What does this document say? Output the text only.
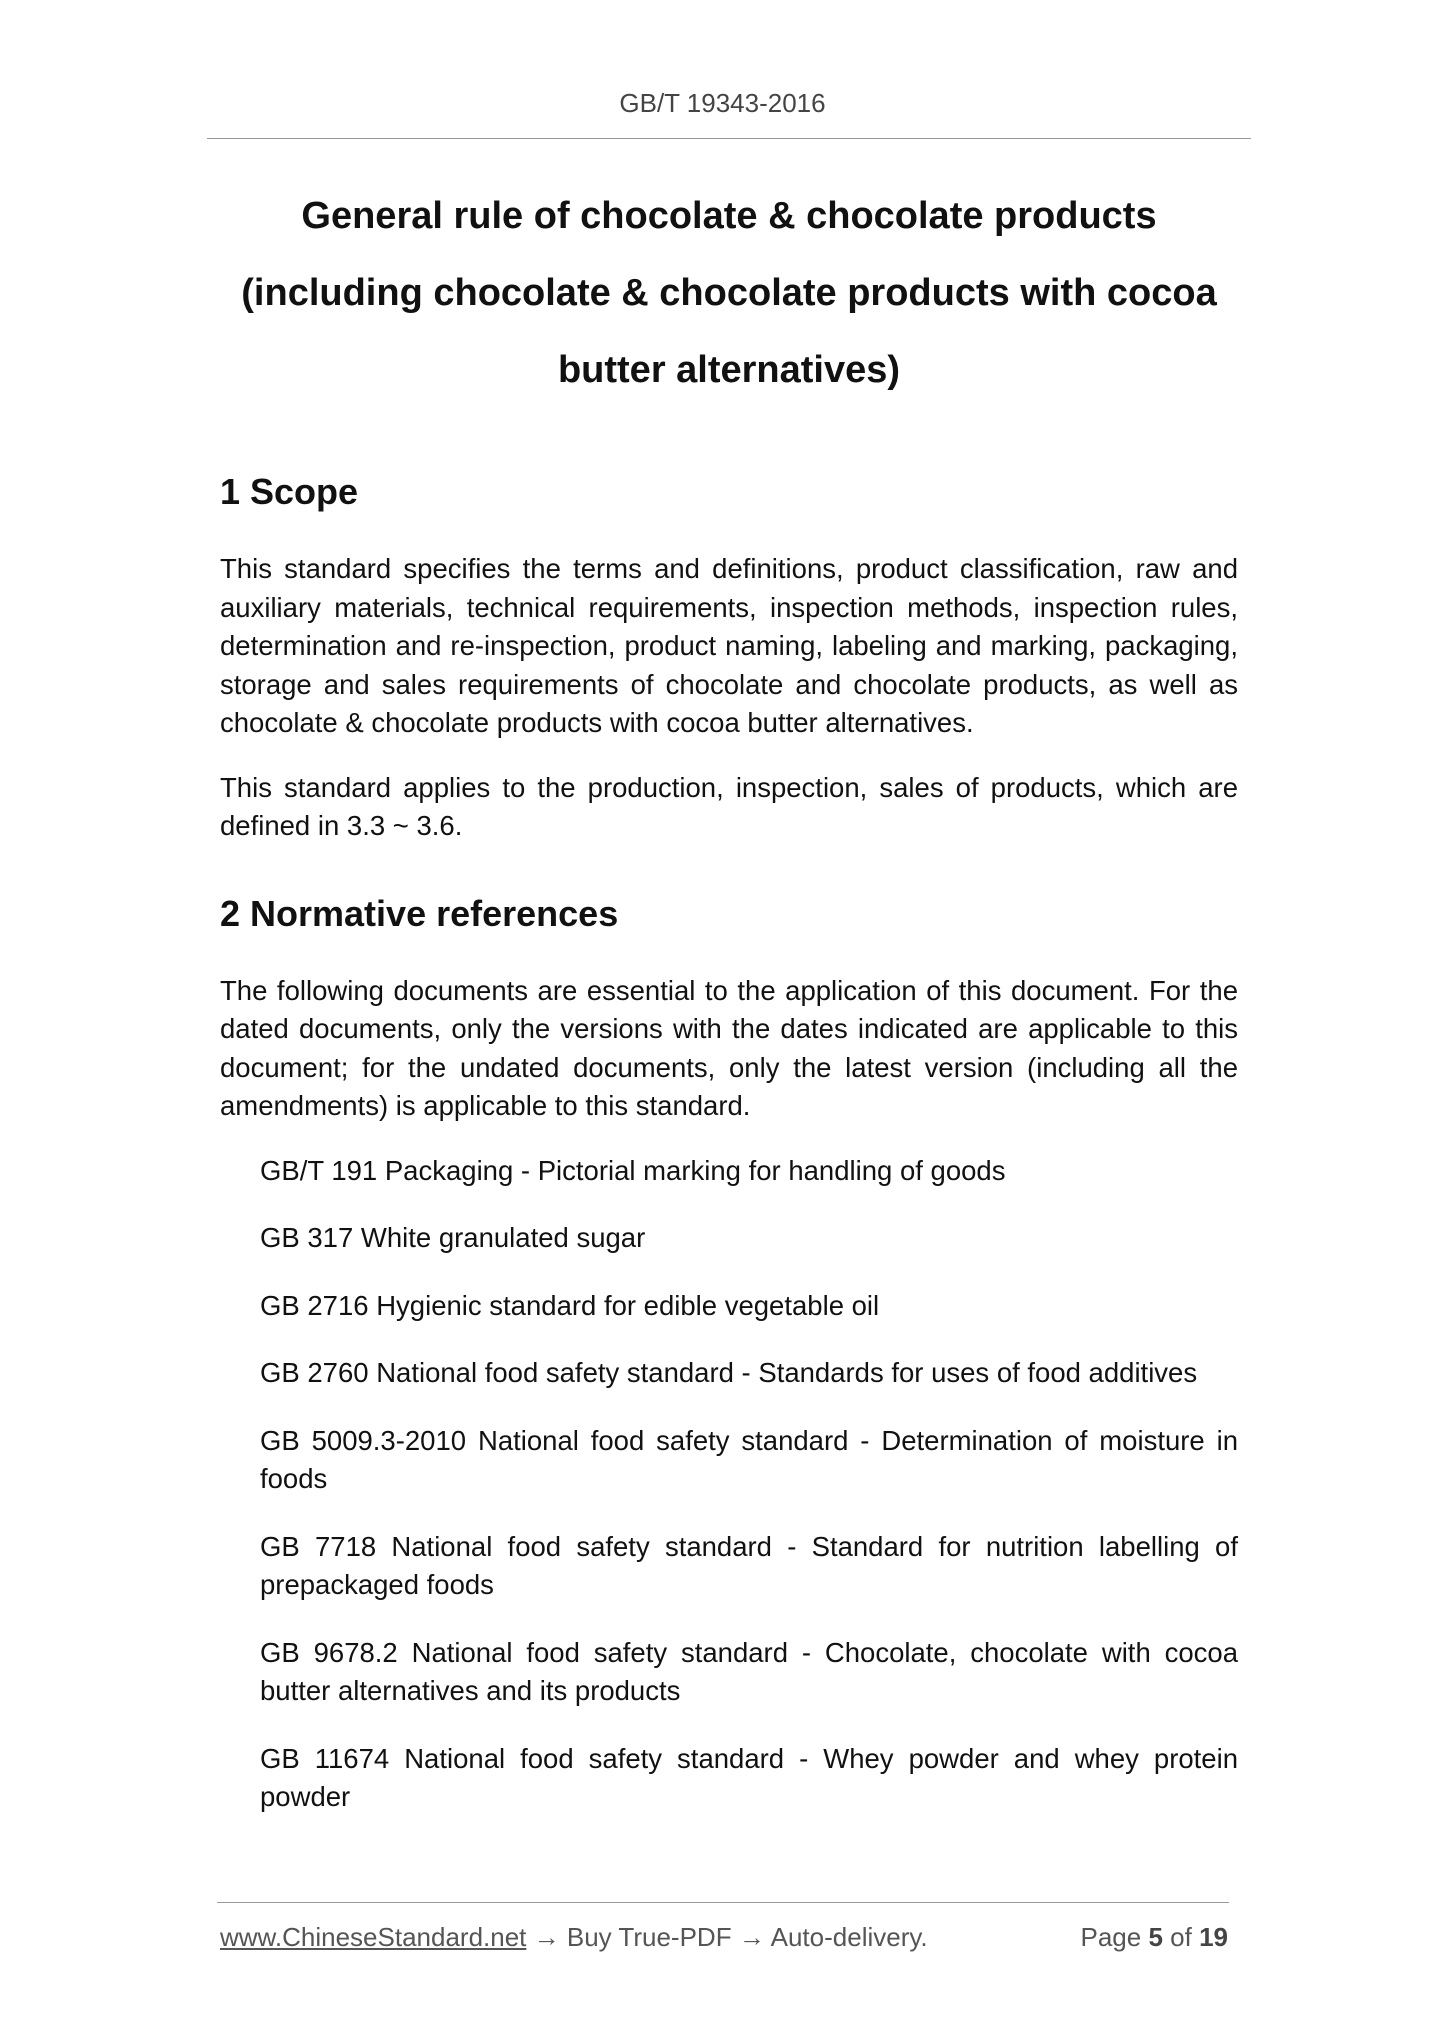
GB/T 19343-2016
General rule of chocolate & chocolate products
(including chocolate & chocolate products with cocoa
butter alternatives)
1 Scope

This standard specifies the terms and definitions, product classification, raw and auxiliary materials, technical requirements, inspection methods, inspection rules, determination and re-inspection, product naming, labeling and marking, packaging, storage and sales requirements of chocolate and chocolate products, as well as chocolate & chocolate products with cocoa butter alternatives.

This standard applies to the production, inspection, sales of products, which are defined in 3.3 ~ 3.6.

2 Normative references

The following documents are essential to the application of this document. For the dated documents, only the versions with the dates indicated are applicable to this document; for the undated documents, only the latest version (including all the amendments) is applicable to this standard.

GB/T 191 Packaging - Pictorial marking for handling of goods
GB 317 White granulated sugar
GB 2716 Hygienic standard for edible vegetable oil
GB 2760 National food safety standard - Standards for uses of food additives
GB 5009.3-2010 National food safety standard - Determination of moisture in foods
GB 7718 National food safety standard - Standard for nutrition labelling of prepackaged foods
GB 9678.2 National food safety standard - Chocolate, chocolate with cocoa butter alternatives and its products
GB 11674 National food safety standard - Whey powder and whey protein powder
www.ChineseStandard.net → Buy True-PDF → Auto-delivery.	Page 5 of 19
